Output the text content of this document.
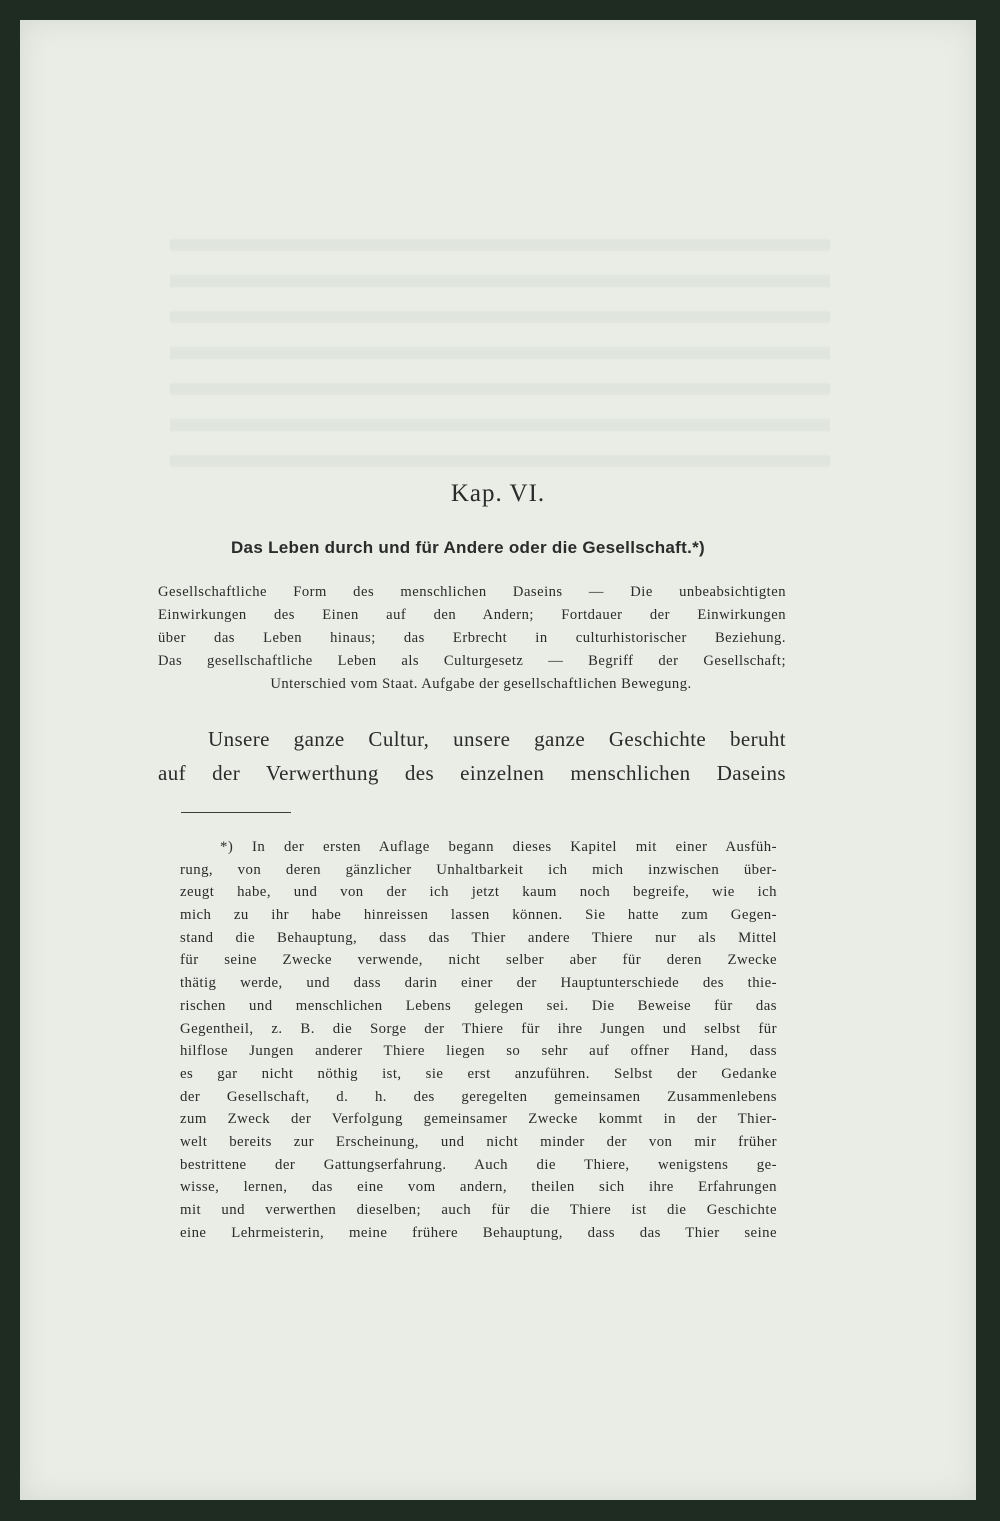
Kap. VI.
Das Leben durch und für Andere oder die Gesellschaft.*)
Gesellschaftliche Form des menschlichen Daseins — Die unbeabsichtigten
Einwirkungen des Einen auf den Andern; Fortdauer der Einwirkungen
über das Leben hinaus; das Erbrecht in culturhistorischer Beziehung.
Das gesellschaftliche Leben als Culturgesetz — Begriff der Gesellschaft;
Unterschied vom Staat. Aufgabe der gesellschaftlichen Bewegung.
Unsere ganze Cultur, unsere ganze Geschichte beruht
auf der Verwerthung des einzelnen menschlichen Daseins
*) In der ersten Auflage begann dieses Kapitel mit einer Ausfüh-
rung, von deren gänzlicher Unhaltbarkeit ich mich inzwischen über-
zeugt habe, und von der ich jetzt kaum noch begreife, wie ich
mich zu ihr habe hinreissen lassen können. Sie hatte zum Gegen-
stand die Behauptung, dass das Thier andere Thiere nur als Mittel
für seine Zwecke verwende, nicht selber aber für deren Zwecke
thätig werde, und dass darin einer der Hauptunterschiede des thie-
rischen und menschlichen Lebens gelegen sei. Die Beweise für das
Gegentheil, z. B. die Sorge der Thiere für ihre Jungen und selbst für
hilflose Jungen anderer Thiere liegen so sehr auf offner Hand, dass
es gar nicht nöthig ist, sie erst anzuführen. Selbst der Gedanke
der Gesellschaft, d. h. des geregelten gemeinsamen Zusammenlebens
zum Zweck der Verfolgung gemeinsamer Zwecke kommt in der Thier-
welt bereits zur Erscheinung, und nicht minder der von mir früher
bestrittene der Gattungserfahrung. Auch die Thiere, wenigstens ge-
wisse, lernen, das eine vom andern, theilen sich ihre Erfahrungen
mit und verwerthen dieselben; auch für die Thiere ist die Geschichte
eine Lehrmeisterin, meine frühere Behauptung, dass das Thier seine
